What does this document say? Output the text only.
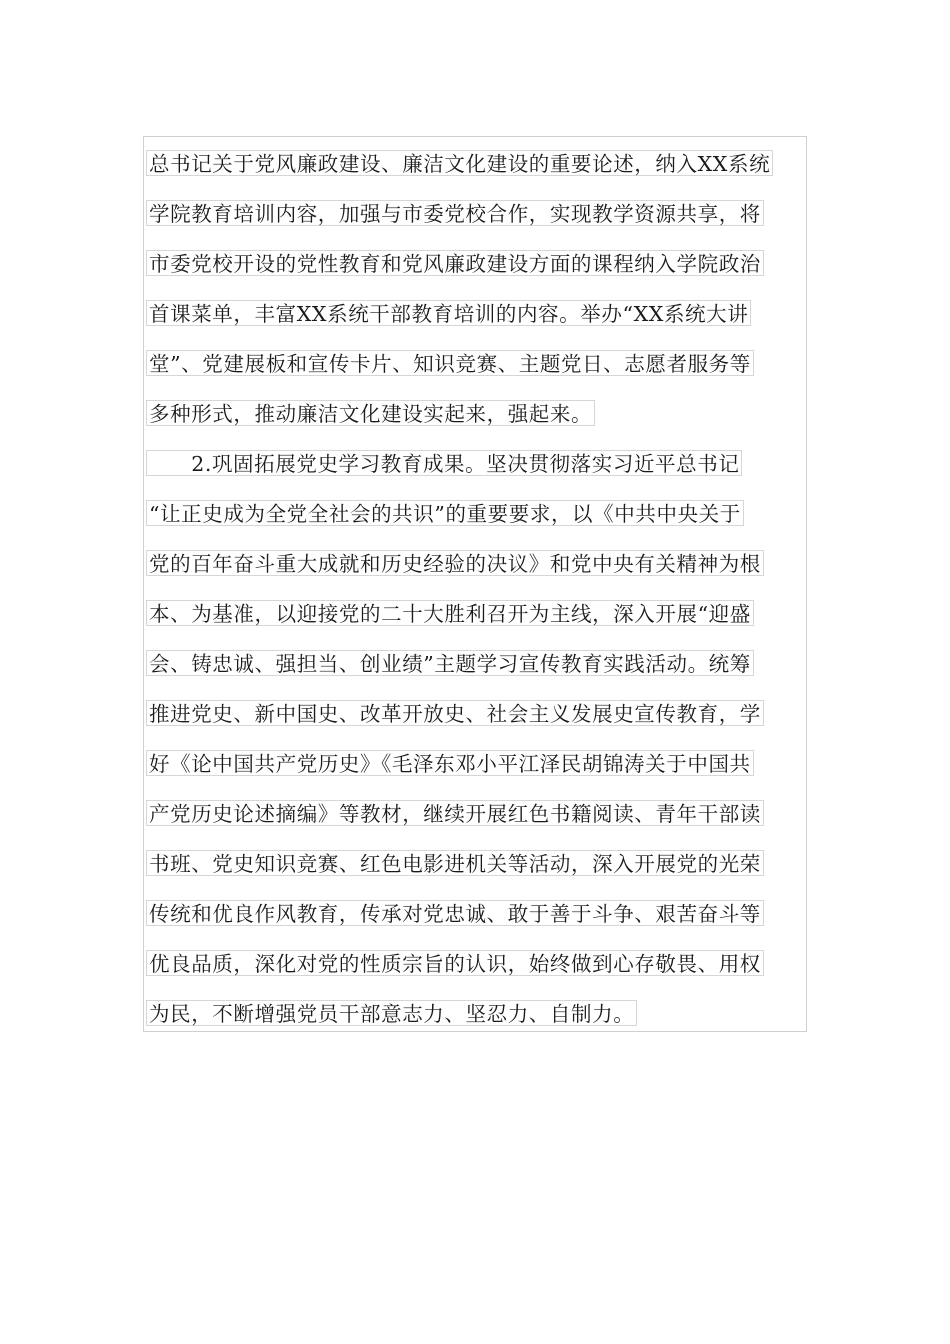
总书记关于党风廉政建设、廉洁文化建设的重要论述，纳入XX系统
学院教育培训内容，加强与市委党校合作，实现教学资源共享，将
市委党校开设的党性教育和党风廉政建设方面的课程纳入学院政治
首课菜单，丰富XX系统干部教育培训的内容。举办“XX系统大讲
堂”、党建展板和宣传卡片、知识竞赛、主题党日、志愿者服务等
多种形式，推动廉洁文化建设实起来，强起来。
　　2.巩固拓展党史学习教育成果。坚决贯彻落实习近平总书记
“让正史成为全党全社会的共识”的重要要求，以《中共中央关于
党的百年奋斗重大成就和历史经验的决议》和党中央有关精神为根
本、为基准，以迎接党的二十大胜利召开为主线，深入开展“迎盛
会、铸忠诚、强担当、创业绩”主题学习宣传教育实践活动。统筹
推进党史、新中国史、改革开放史、社会主义发展史宣传教育，学
好《论中国共产党历史》《毛泽东邓小平江泽民胡锦涛关于中国共
产党历史论述摘编》等教材，继续开展红色书籍阅读、青年干部读
书班、党史知识竞赛、红色电影进机关等活动，深入开展党的光荣
传统和优良作风教育，传承对党忠诚、敢于善于斗争、艰苦奋斗等
优良品质，深化对党的性质宗旨的认识，始终做到心存敬畏、用权
为民，不断增强党员干部意志力、坚忍力、自制力。
